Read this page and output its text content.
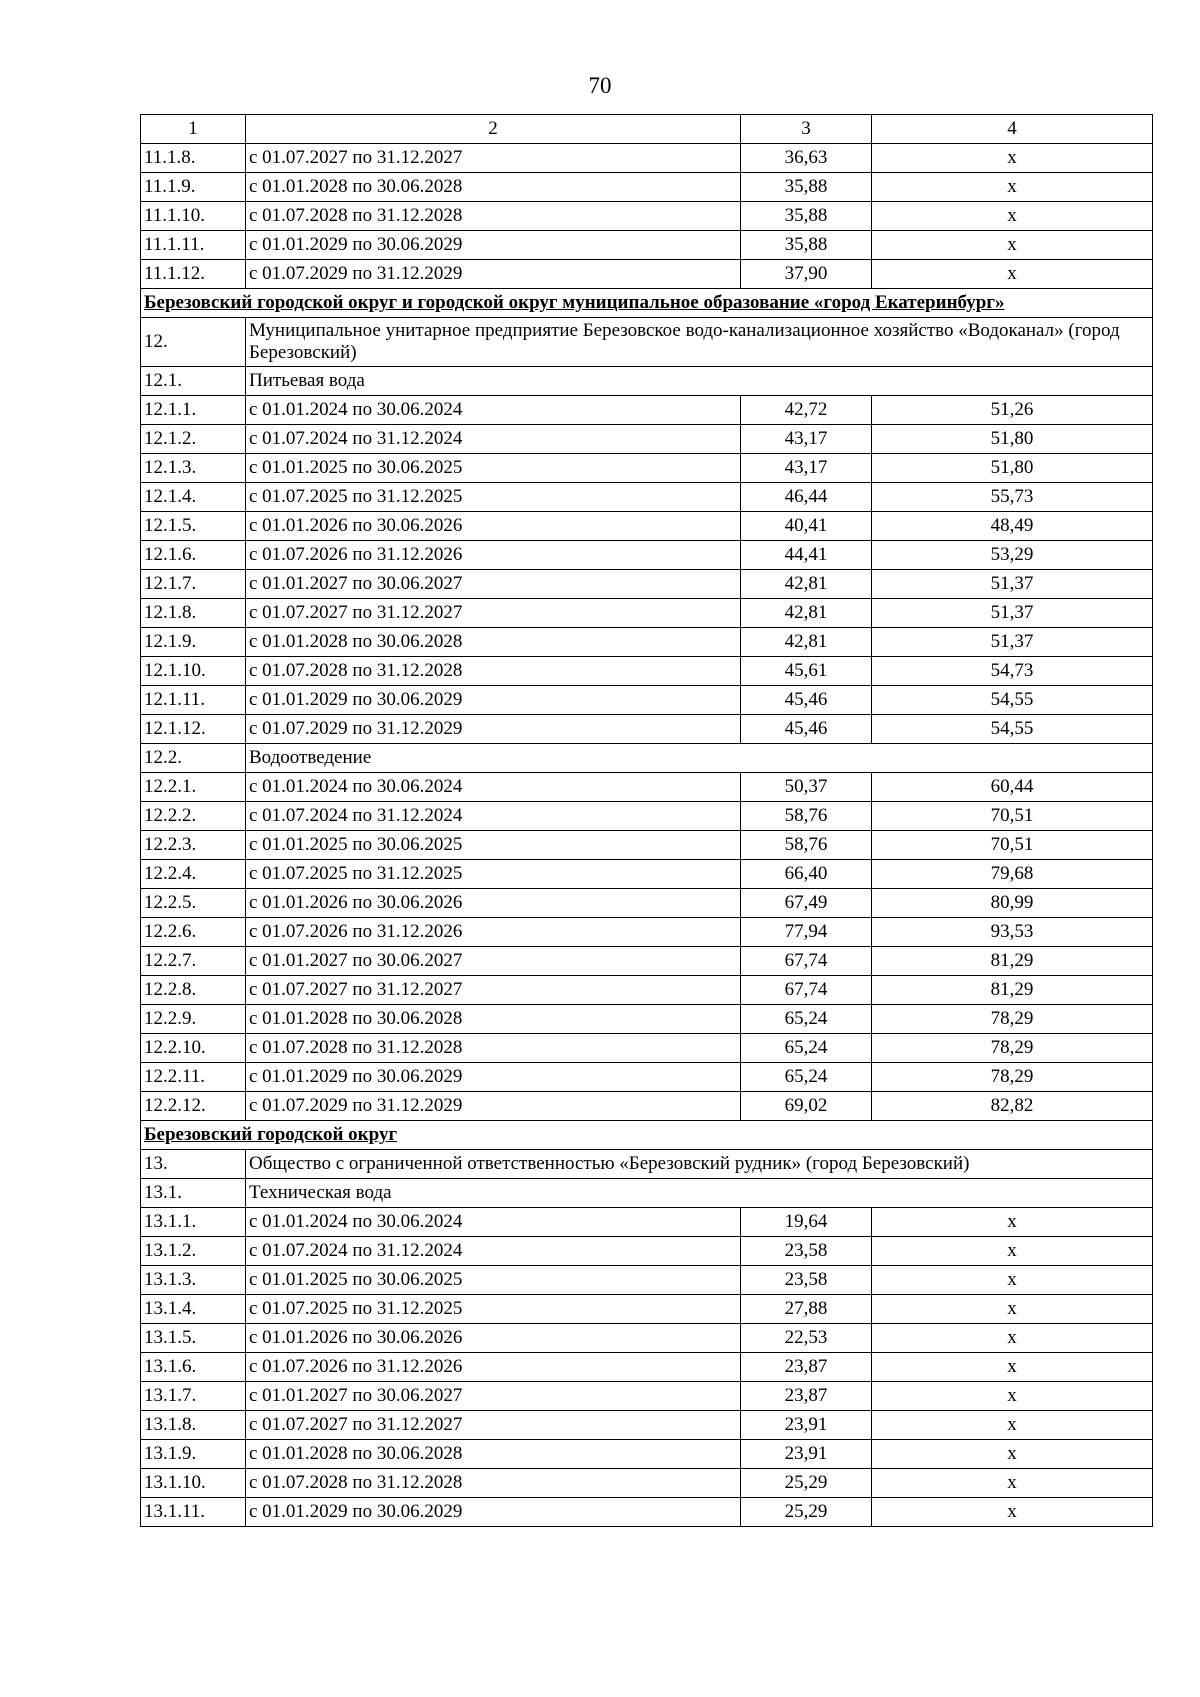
70
1	2	3	4
11.1.8.	с 01.07.2027 по 31.12.2027	36,63	x
11.1.9.	с 01.01.2028 по 30.06.2028	35,88	x
11.1.10.	с 01.07.2028 по 31.12.2028	35,88	x
11.1.11.	с 01.01.2029 по 30.06.2029	35,88	x
11.1.12.	с 01.07.2029 по 31.12.2029	37,90	x
Березовский городской округ и городской округ муниципальное образование «город Екатеринбург»			
12.	Муниципальное унитарное предприятие Березовское водо-канализационное хозяйство «Водоканал» (город Березовский)		
12.1.	Питьевая вода		
12.1.1.	с 01.01.2024 по 30.06.2024	42,72	51,26
12.1.2.	с 01.07.2024 по 31.12.2024	43,17	51,80
12.1.3.	с 01.01.2025 по 30.06.2025	43,17	51,80
12.1.4.	с 01.07.2025 по 31.12.2025	46,44	55,73
12.1.5.	с 01.01.2026 по 30.06.2026	40,41	48,49
12.1.6.	с 01.07.2026 по 31.12.2026	44,41	53,29
12.1.7.	с 01.01.2027 по 30.06.2027	42,81	51,37
12.1.8.	с 01.07.2027 по 31.12.2027	42,81	51,37
12.1.9.	с 01.01.2028 по 30.06.2028	42,81	51,37
12.1.10.	с 01.07.2028 по 31.12.2028	45,61	54,73
12.1.11.	с 01.01.2029 по 30.06.2029	45,46	54,55
12.1.12.	с 01.07.2029 по 31.12.2029	45,46	54,55
12.2.	Водоотведение		
12.2.1.	с 01.01.2024 по 30.06.2024	50,37	60,44
12.2.2.	с 01.07.2024 по 31.12.2024	58,76	70,51
12.2.3.	с 01.01.2025 по 30.06.2025	58,76	70,51
12.2.4.	с 01.07.2025 по 31.12.2025	66,40	79,68
12.2.5.	с 01.01.2026 по 30.06.2026	67,49	80,99
12.2.6.	с 01.07.2026 по 31.12.2026	77,94	93,53
12.2.7.	с 01.01.2027 по 30.06.2027	67,74	81,29
12.2.8.	с 01.07.2027 по 31.12.2027	67,74	81,29
12.2.9.	с 01.01.2028 по 30.06.2028	65,24	78,29
12.2.10.	с 01.07.2028 по 31.12.2028	65,24	78,29
12.2.11.	с 01.01.2029 по 30.06.2029	65,24	78,29
12.2.12.	с 01.07.2029 по 31.12.2029	69,02	82,82
Березовский городской округ			
13.	Общество с ограниченной ответственностью «Березовский рудник» (город Березовский)		
13.1.	Техническая вода		
13.1.1.	с 01.01.2024 по 30.06.2024	19,64	x
13.1.2.	с 01.07.2024 по 31.12.2024	23,58	x
13.1.3.	с 01.01.2025 по 30.06.2025	23,58	x
13.1.4.	с 01.07.2025 по 31.12.2025	27,88	x
13.1.5.	с 01.01.2026 по 30.06.2026	22,53	x
13.1.6.	с 01.07.2026 по 31.12.2026	23,87	x
13.1.7.	с 01.01.2027 по 30.06.2027	23,87	x
13.1.8.	с 01.07.2027 по 31.12.2027	23,91	x
13.1.9.	с 01.01.2028 по 30.06.2028	23,91	x
13.1.10.	с 01.07.2028 по 31.12.2028	25,29	x
13.1.11.	с 01.01.2029 по 30.06.2029	25,29	x
